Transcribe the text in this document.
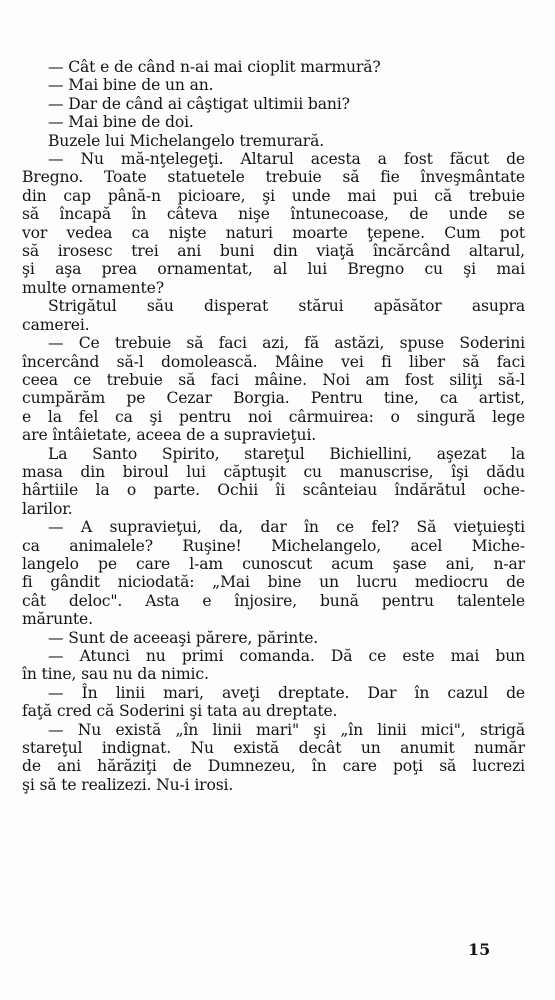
— Cât e de când n-ai mai cioplit marmură?

— Mai bine de un an.

— Dar de când ai câştigat ultimii bani?

— Mai bine de doi.

Buzele lui Michelangelo tremurară.

— Nu mă-nţelegeţi. Altarul acesta a fost făcut de
Bregno. Toate statuetele trebuie să fie înveşmântate
din cap până-n picioare, şi unde mai pui că trebuie
să încapă în câteva nişe întunecoase, de unde se
vor vedea ca nişte naturi moarte ţepene. Cum pot
să irosesc trei ani buni din viaţă încărcând altarul,
şi aşa prea ornamentat, al lui Bregno cu şi mai
multe ornamente?

Strigătul său disperat stărui apăsător asupra
camerei.

— Ce trebuie să faci azi, fă astăzi, spuse Soderini
încercând să-l domolească. Mâine vei fi liber să faci
ceea ce trebuie să faci mâine. Noi am fost siliţi să-l
cumpărăm pe Cezar Borgia. Pentru tine, ca artist,
e la fel ca şi pentru noi cârmuirea: o singură lege
are întâietate, aceea de a supravieţui.

La Santo Spirito, stareţul Bichiellini, aşezat la
masa din biroul lui căptuşit cu manuscrise, îşi dădu
hârtiile la o parte. Ochii îi scânteiau îndărătul oche-
larilor.

— A supravieţui, da, dar în ce fel? Să vieţuieşti
ca animalele? Ruşine! Michelangelo, acel Miche-
langelo pe care l-am cunoscut acum şase ani, n-ar
fi gândit niciodată: „Mai bine un lucru mediocru de
cât deloc". Asta e înjosire, bună pentru talentele
mărunte.

— Sunt de aceeaşi părere, părinte.

— Atunci nu primi comanda. Dă ce este mai bun
în tine, sau nu da nimic.

— În linii mari, aveţi dreptate. Dar în cazul de
faţă cred că Soderini şi tata au dreptate.

— Nu există „în linii mari" şi „în linii mici", strigă
stareţul indignat. Nu există decât un anumit număr
de ani hărăziţi de Dumnezeu, în care poţi să lucrezi
şi să te realizezi. Nu-i irosi.

15
